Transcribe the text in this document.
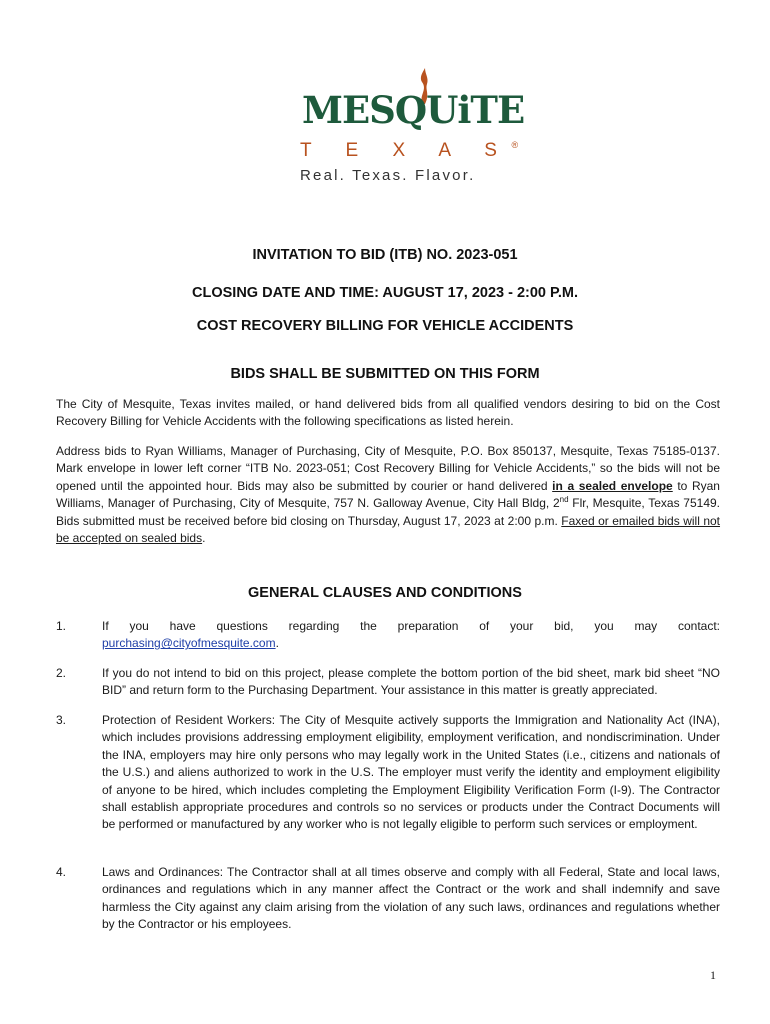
MESQUiTE
T E X A S®
Real. Texas. Flavor.
INVITATION TO BID (ITB) NO. 2023-051
CLOSING DATE AND TIME: AUGUST 17, 2023 - 2:00 P.M.
COST RECOVERY BILLING FOR VEHICLE ACCIDENTS
BIDS SHALL BE SUBMITTED ON THIS FORM
The City of Mesquite, Texas invites mailed, or hand delivered bids from all qualified vendors desiring to bid on the Cost Recovery Billing for Vehicle Accidents with the following specifications as listed herein.
Address bids to Ryan Williams, Manager of Purchasing, City of Mesquite, P.O. Box 850137, Mesquite, Texas 75185-0137. Mark envelope in lower left corner “ITB No. 2023-051; Cost Recovery Billing for Vehicle Accidents,” so the bids will not be opened until the appointed hour. Bids may also be submitted by courier or hand delivered in a sealed envelope to Ryan Williams, Manager of Purchasing, City of Mesquite, 757 N. Galloway Avenue, City Hall Bldg, 2nd Flr, Mesquite, Texas 75149. Bids submitted must be received before bid closing on Thursday, August 17, 2023 at 2:00 p.m. Faxed or emailed bids will not be accepted on sealed bids.
GENERAL CLAUSES AND CONDITIONS
1.	If you have questions regarding the preparation of your bid, you may contact:
purchasing@cityofmesquite.com.
2.	If you do not intend to bid on this project, please complete the bottom portion of the bid sheet, mark bid sheet “NO BID” and return form to the Purchasing Department. Your assistance in this matter is greatly appreciated.
3.	Protection of Resident Workers: The City of Mesquite actively supports the Immigration and Nationality Act (INA), which includes provisions addressing employment eligibility, employment verification, and nondiscrimination. Under the INA, employers may hire only persons who may legally work in the United States (i.e., citizens and nationals of the U.S.) and aliens authorized to work in the U.S. The employer must verify the identity and employment eligibility of anyone to be hired, which includes completing the Employment Eligibility Verification Form (I-9). The Contractor shall establish appropriate procedures and controls so no services or products under the Contract Documents will be performed or manufactured by any worker who is not legally eligible to perform such services or employment.
4.	Laws and Ordinances: The Contractor shall at all times observe and comply with all Federal, State and local laws, ordinances and regulations which in any manner affect the Contract or the work and shall indemnify and save harmless the City against any claim arising from the violation of any such laws, ordinances and regulations whether by the Contractor or his employees.
1
